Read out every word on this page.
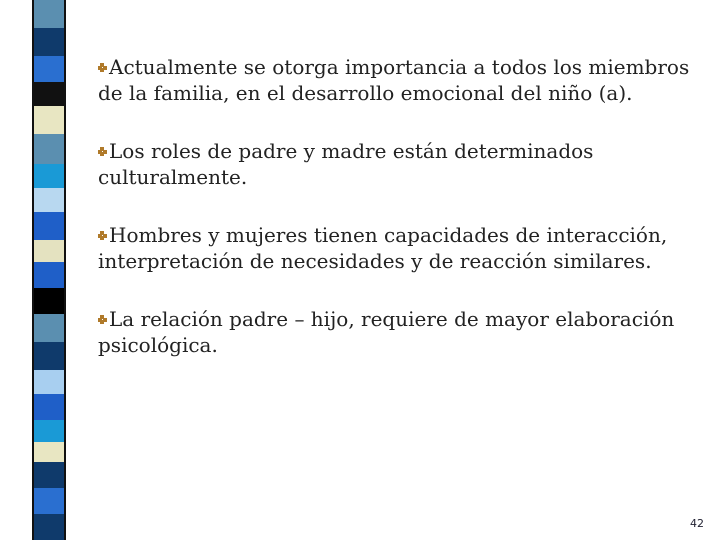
Actualmente se otorga importancia a todos los miembros de la familia, en el desarrollo emocional del niño (a).

Los roles de padre y madre están determinados culturalmente.

Hombres y mujeres tienen capacidades de interacción, interpretación de necesidades y de reacción similares.

La relación padre – hijo, requiere de mayor elaboración psicológica.

42
